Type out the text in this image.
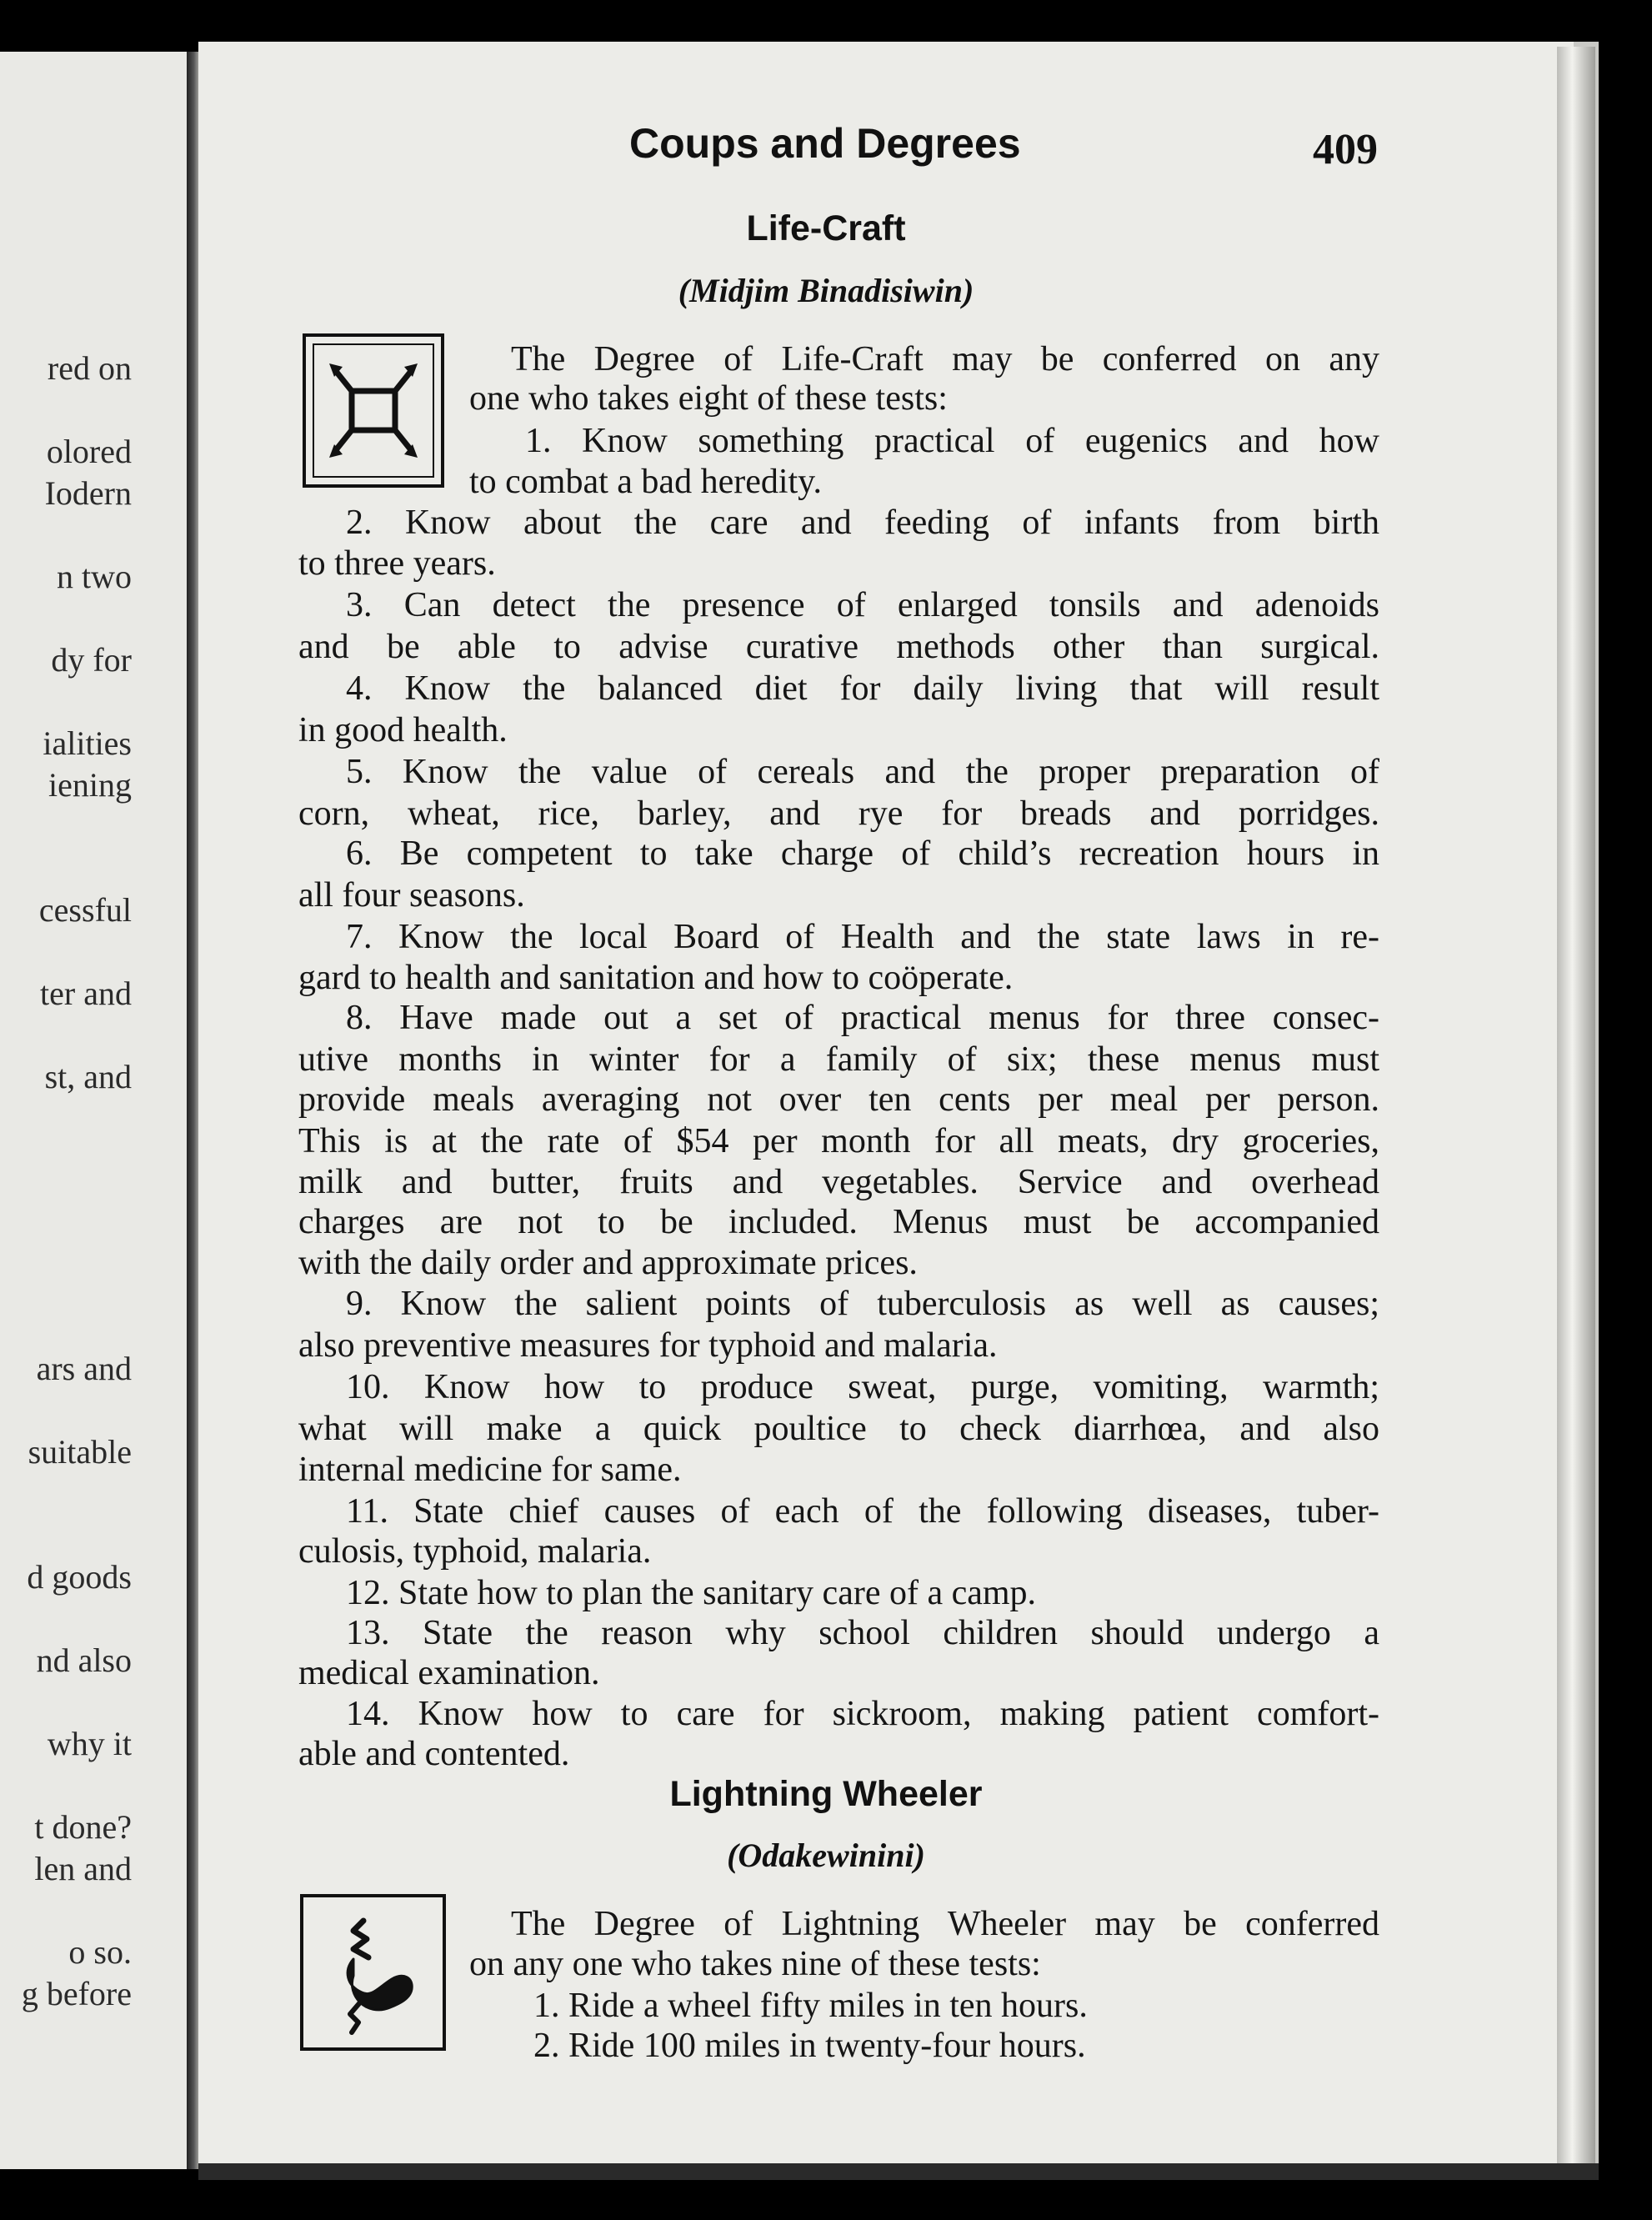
red on
olored
Iodern
n two
dy for
ialities
iening
cessful
ter and
st, and
ars and
suitable
d goods
nd also
why it
t done?
len and
o so.
g before
Coups and Degrees	409
Life-Craft
(Midjim Binadisiwin)
Lightning Wheeler
(Odakewinini)
The Degree of Life-Craft may be conferred on any
one who takes eight of these tests:
1. Know something practical of eugenics and how
to combat a bad heredity.
2. Know about the care and feeding of infants from birth
to three years.
3. Can detect the presence of enlarged tonsils and adenoids
and be able to advise curative methods other than surgical.
4. Know the balanced diet for daily living that will result
in good health.
5. Know the value of cereals and the proper preparation of
corn, wheat, rice, barley, and rye for breads and porridges.
6. Be competent to take charge of child’s recreation hours in
all four seasons.
7. Know the local Board of Health and the state laws in re-
gard to health and sanitation and how to coöperate.
8. Have made out a set of practical menus for three consec-
utive months in winter for a family of six; these menus must
provide meals averaging not over ten cents per meal per person.
This is at the rate of $54 per month for all meats, dry groceries,
milk and butter, fruits and vegetables. Service and overhead
charges are not to be included. Menus must be accompanied
with the daily order and approximate prices.
9. Know the salient points of tuberculosis as well as causes;
also preventive measures for typhoid and malaria.
10. Know how to produce sweat, purge, vomiting, warmth;
what will make a quick poultice to check diarrhœa, and also
internal medicine for same.
11. State chief causes of each of the following diseases, tuber-
culosis, typhoid, malaria.
12. State how to plan the sanitary care of a camp.
13. State the reason why school children should undergo a
medical examination.
14. Know how to care for sickroom, making patient comfort-
able and contented.
The Degree of Lightning Wheeler may be conferred
on any one who takes nine of these tests:
1. Ride a wheel fifty miles in ten hours.
2. Ride 100 miles in twenty-four hours.
